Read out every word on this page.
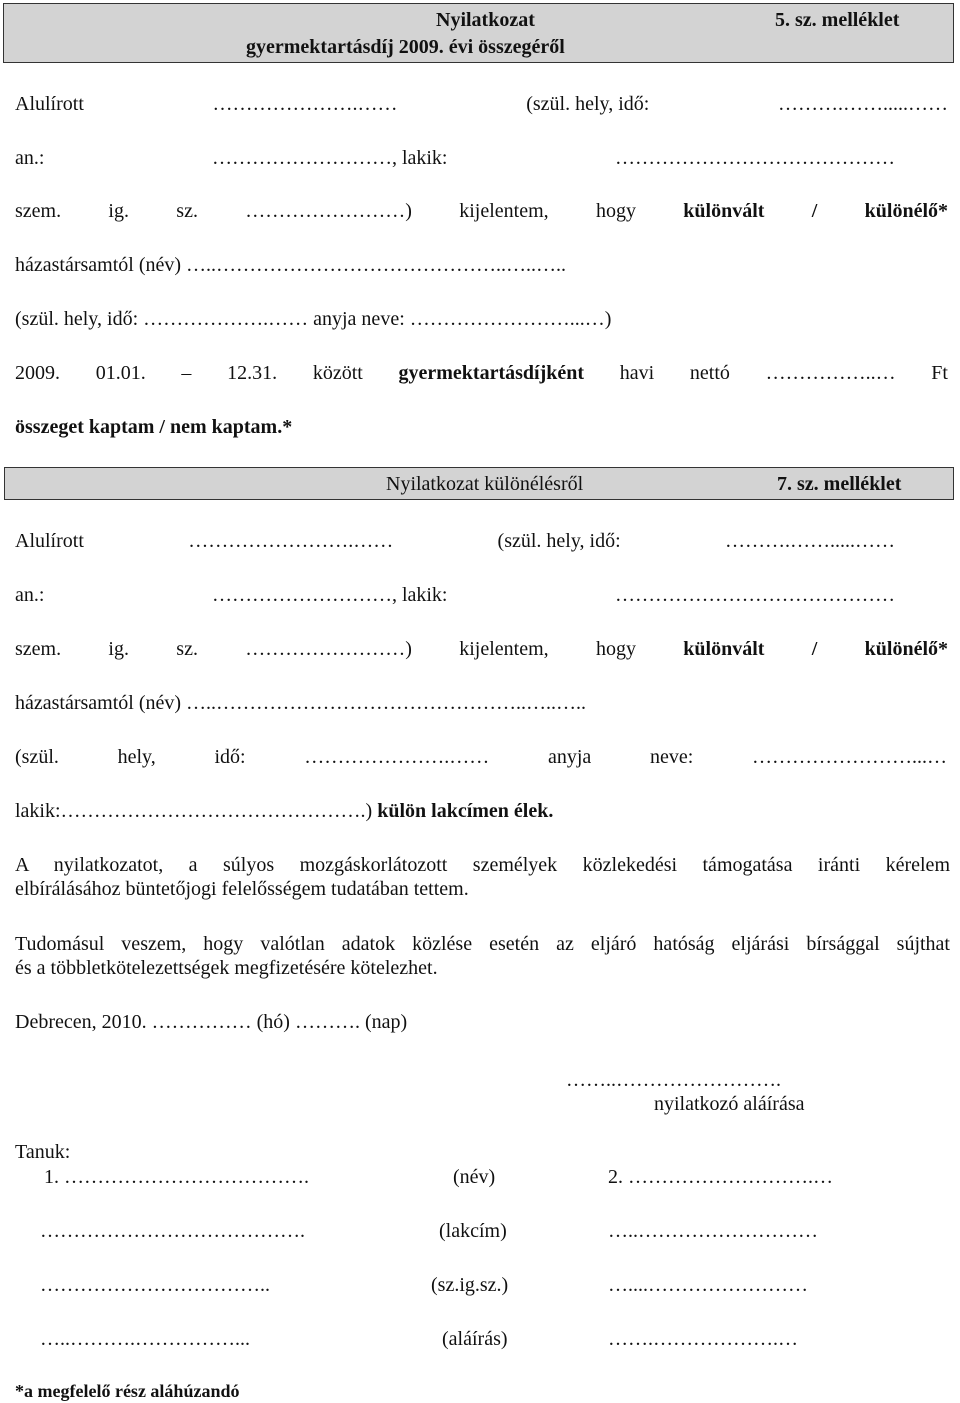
Nyilatkozat	5. sz. melléklet
gyermektartásdíj 2009. évi összegéről
Alulírott	………………….……	(szül. hely, idő:	……….…….....……
an.:	………………………, lakik:	……………………………………
szem. ig. sz. ……………………) kijelentem, hogy különvált / különélő*
házastársamtól (név) …..……………………………………..…..…..
(szül. hely, idő: ……………….…… anyja neve: ……………………...…)
2009. 01.01. – 12.31. között gyermektartásdíjként havi nettó ……………..… Ft
összeget kaptam / nem kaptam.*
Nyilatkozat különélésről	7. sz. melléklet
Alulírott	…………………….……	(szül. hely, idő:	……….…….....……
an.:	………………………, lakik:	……………………………………
szem. ig. sz. ……………………) kijelentem, hogy különvált / különélő*
házastársamtól (név) …..………………………………………..…..…..
(szül.	hely,	idő:	………………….……	anyja	neve:	……………………...…
lakik:……………………………………….) külön lakcímen élek.
A nyilatkozatot, a súlyos mozgáskorlátozott személyek közlekedési támogatása iránti kérelem
elbírálásához büntetőjogi felelősségem tudatában tettem.
Tudomásul veszem, hogy valótlan adatok közlése esetén az eljáró hatóság eljárási bírsággal sújthat
és a többletkötelezettségek megfizetésére kötelezhet.
Debrecen, 2010. …………… (hó) ………. (nap)
……..…………………….
nyilatkozó aláírása
Tanuk:
1. ……………………………….	(név)	2. ……………………….…
………………………………….	(lakcím)	…..………………………
……………………………..	(sz.ig.sz.)	…....……………………
…..……….……………...	(aláírás)	…….……………….…
*a megfelelő rész aláhúzandó
